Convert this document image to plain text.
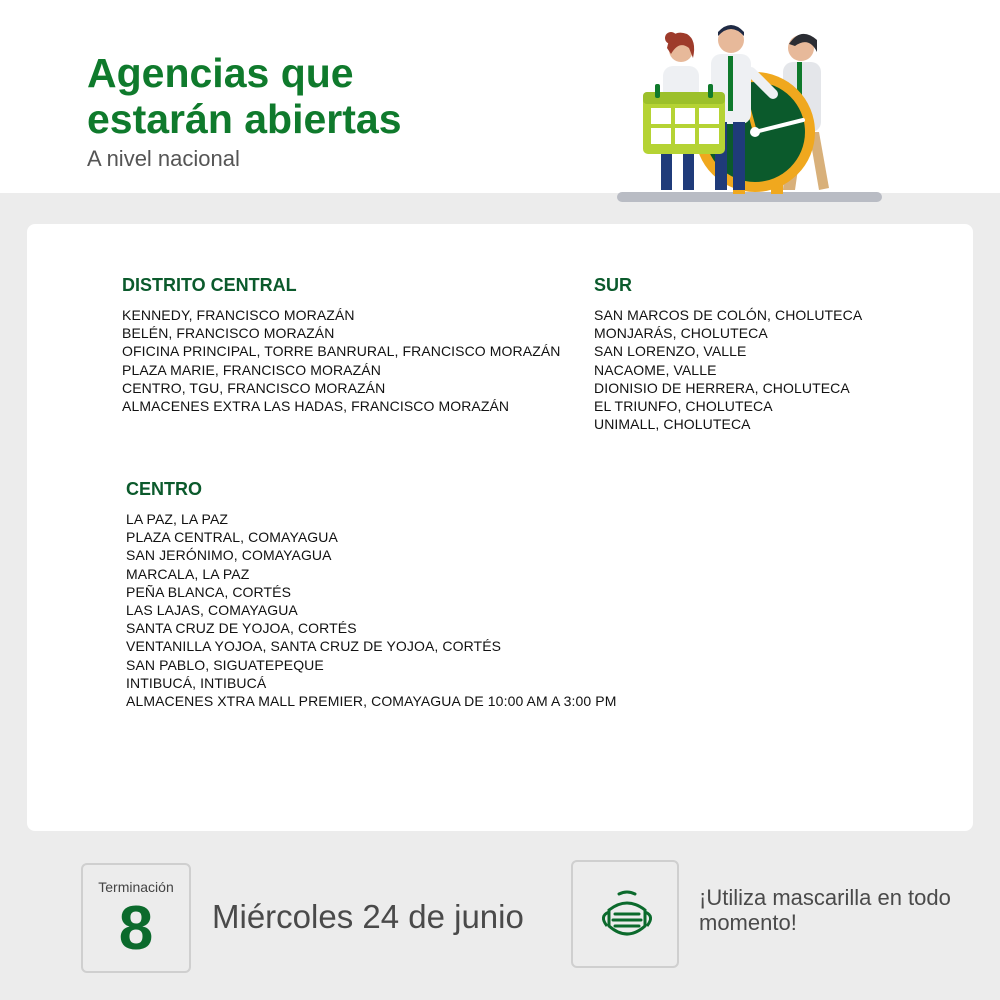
Agencias que estarán abiertas
A nivel nacional
DISTRITO CENTRAL
KENNEDY, FRANCISCO MORAZÁN
BELÉN, FRANCISCO MORAZÁN
OFICINA PRINCIPAL, TORRE BANRURAL, FRANCISCO MORAZÁN
PLAZA MARIE, FRANCISCO MORAZÁN
CENTRO, TGU, FRANCISCO MORAZÁN
ALMACENES EXTRA LAS HADAS, FRANCISCO MORAZÁN
SUR
SAN MARCOS DE COLÓN, CHOLUTECA
MONJARÁS, CHOLUTECA
SAN LORENZO, VALLE
NACAOME, VALLE
DIONISIO DE HERRERA, CHOLUTECA
EL TRIUNFO, CHOLUTECA
UNIMALL, CHOLUTECA
CENTRO
LA PAZ, LA PAZ
PLAZA CENTRAL, COMAYAGUA
SAN JERÓNIMO, COMAYAGUA
MARCALA, LA PAZ
PEÑA BLANCA, CORTÉS
LAS LAJAS, COMAYAGUA
SANTA CRUZ DE YOJOA, CORTÉS
VENTANILLA YOJOA, SANTA CRUZ DE YOJOA, CORTÉS
SAN PABLO, SIGUATEPEQUE
INTIBUCÁ, INTIBUCÁ
ALMACENES XTRA MALL PREMIER, COMAYAGUA DE 10:00 AM A 3:00 PM
Terminación
8	Miércoles 24 de junio
¡Utiliza mascarilla en todo momento!
